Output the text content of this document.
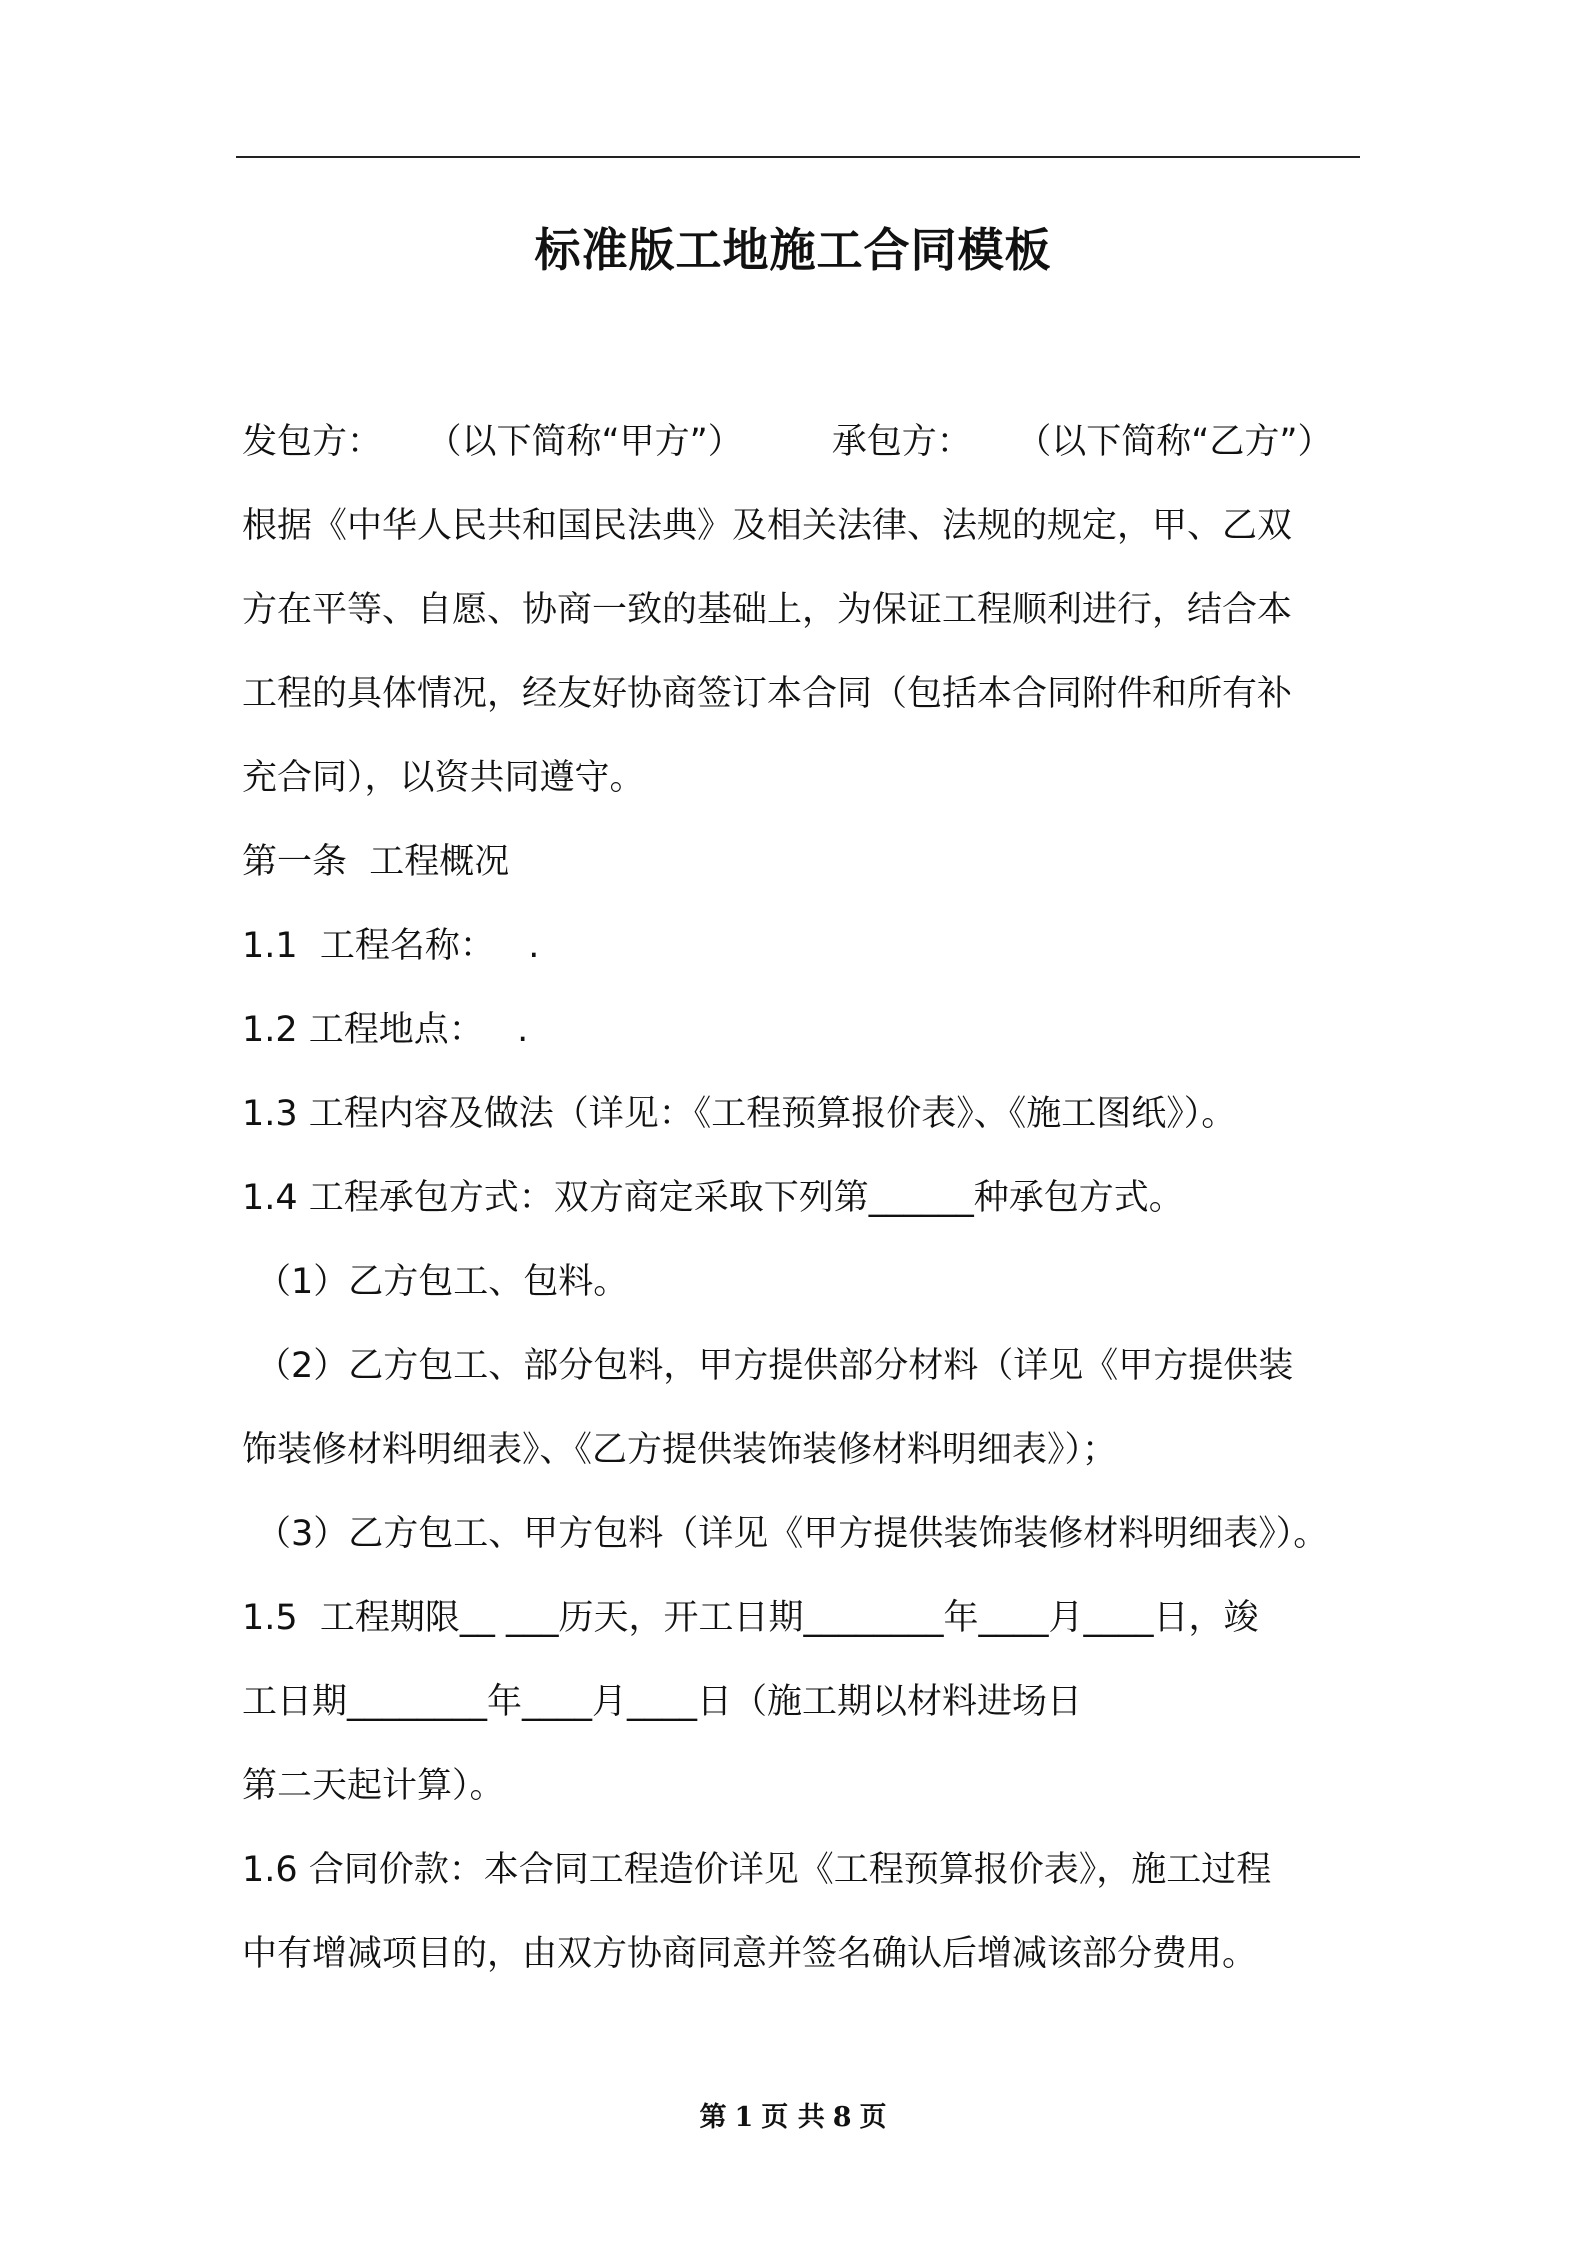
标准版工地施工合同模板
发包方：    （以下简称“甲方”）        承包方：    （以下简称“乙方”）
根据《中华人民共和国民法典》及相关法律、法规的规定，甲、乙双
方在平等、自愿、协商一致的基础上，为保证工程顺利进行，结合本
工程的具体情况，经友好协商签订本合同（包括本合同附件和所有补
充合同），以资共同遵守。
第一条  工程概况
1.1  工程名称：   .
1.2 工程地点：   .
1.3 工程内容及做法（详见：《工程预算报价表》、《施工图纸》）。
1.4 工程承包方式：双方商定采取下列第______种承包方式。
（1）乙方包工、包料。
（2）乙方包工、部分包料，甲方提供部分材料（详见《甲方提供装
饰装修材料明细表》、《乙方提供装饰装修材料明细表》）；
（3）乙方包工、甲方包料（详见《甲方提供装饰装修材料明细表》）。
1.5  工程期限__ ___历天，开工日期________年____月____日，竣
工日期________年____月____日（施工期以材料进场日
第二天起计算）。
1.6 合同价款：本合同工程造价详见《工程预算报价表》，施工过程
中有增减项目的，由双方协商同意并签名确认后增减该部分费用。
第 1 页 共 8 页
